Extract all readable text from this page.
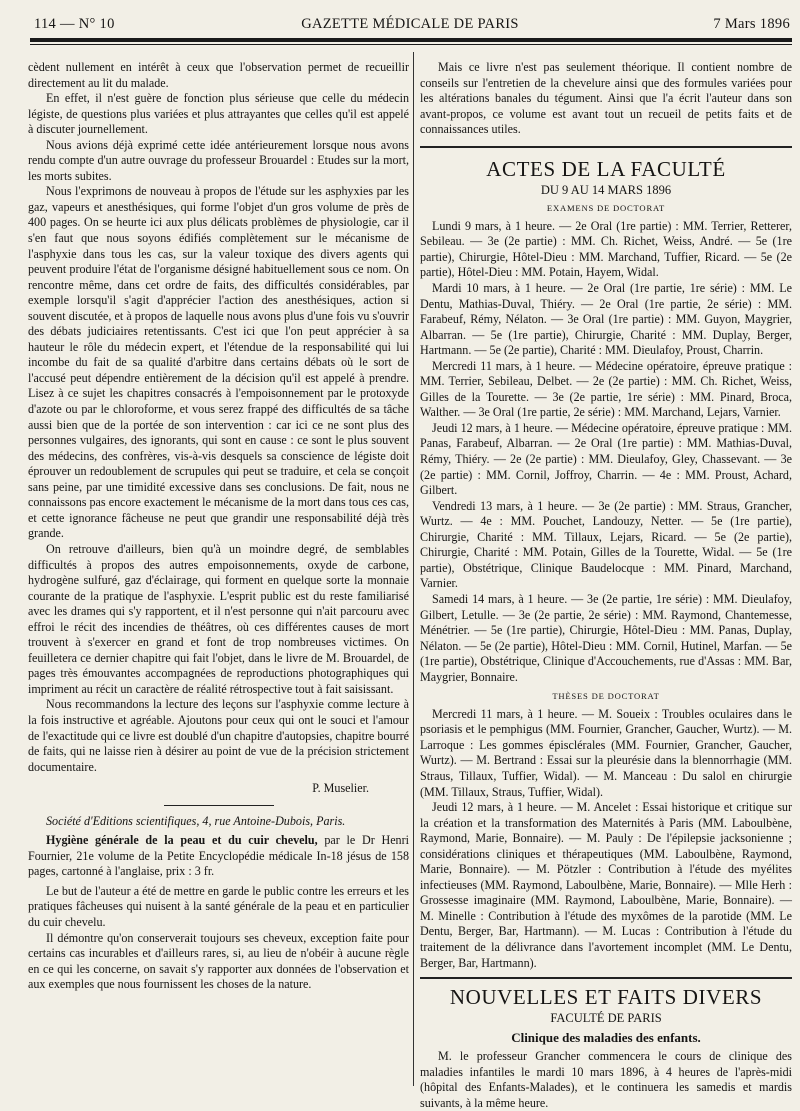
114 — N° 10	GAZETTE MÉDICALE DE PARIS	7 Mars 1896

cèdent nullement en intérêt à ceux que l'observation permet de recueillir directement au lit du malade.

En effet, il n'est guère de fonction plus sérieuse que celle du médecin légiste, de questions plus variées et plus attrayantes que celles qu'il est appelé à discuter journellement.

Nous avions déjà exprimé cette idée antérieurement lorsque nous avons rendu compte d'un autre ouvrage du professeur Brouardel : Etudes sur la mort, les morts subites.

Nous l'exprimons de nouveau à propos de l'étude sur les asphyxies par les gaz, vapeurs et anesthésiques, qui forme l'objet d'un gros volume de près de 400 pages. On se heurte ici aux plus délicats problèmes de physiologie, car il s'en faut que nous soyons édifiés complètement sur le mécanisme de l'asphyxie dans tous les cas, sur la valeur toxique des divers agents qui peuvent produire l'état de l'organisme désigné habituellement sous ce nom. On rencontre même, dans cet ordre de faits, des difficultés considérables, par exemple lorsqu'il s'agit d'apprécier l'action des anesthésiques, action si souvent discutée, et à propos de laquelle nous avons plus d'une fois vu s'ouvrir des débats judiciaires retentissants. C'est ici que l'on peut apprécier à sa hauteur le rôle du médecin expert, et l'étendue de la responsabilité qui lui incombe du fait de sa qualité d'arbitre dans certains débats où le sort de l'accusé peut dépendre entièrement de la décision qu'il est appelé à prendre. Lisez à ce sujet les chapitres consacrés à l'empoisonnement par le protoxyde d'azote ou par le chloroforme, et vous serez frappé des difficultés de sa tâche aussi bien que de la portée de son intervention : car ici ce ne sont plus des personnes vulgaires, des ignorants, qui sont en cause : ce sont le plus souvent des médecins, des confrères, vis-à-vis desquels sa conscience de légiste doit éprouver un redoublement de scrupules qui peut se traduire, et cela se conçoit sans peine, par une timidité excessive dans ses conclusions. De fait, nous ne connaissons pas encore exactement le mécanisme de la mort dans tous ces cas, et cette ignorance fâcheuse ne peut que grandir une responsabilité déjà très grande.

On retrouve d'ailleurs, bien qu'à un moindre degré, de semblables difficultés à propos des autres empoisonnements, oxyde de carbone, hydrogène sulfuré, gaz d'éclairage, qui forment en quelque sorte la monnaie courante de la pratique de l'asphyxie. L'esprit public est du reste familiarisé avec les drames qui s'y rapportent, et il n'est personne qui n'ait parcouru avec effroi le récit des incendies de théâtres, où ces différentes causes de mort trouvent à s'exercer en grand et font de trop nombreuses victimes. On feuilletera ce dernier chapitre qui fait l'objet, dans le livre de M. Brouardel, de pages très émouvantes accompagnées de reproductions photographiques qui impriment au récit un caractère de réalité rétrospective tout à fait saisissant.

Nous recommandons la lecture des leçons sur l'asphyxie comme lecture à la fois instructive et agréable. Ajoutons pour ceux qui ont le souci et l'amour de l'exactitude qui ce livre est doublé d'un chapitre d'autopsies, chapitre bourré de faits, qui ne laisse rien à désirer au point de vue de la précision strictement documentaire.

P. Muselier.

Société d'Editions scientifiques, 4, rue Antoine-Dubois, Paris.

Hygiène générale de la peau et du cuir chevelu, par le Dr Henri Fournier, 21e volume de la Petite Encyclopédie médicale In-18 jésus de 158 pages, cartonné à l'anglaise, prix : 3 fr.

Le but de l'auteur a été de mettre en garde le public contre les erreurs et les pratiques fâcheuses qui nuisent à la santé générale de la peau et en particulier du cuir chevelu.

Il démontre qu'on conserverait toujours ses cheveux, exception faite pour certains cas incurables et d'ailleurs rares, si, au lieu de n'obéir à aucune règle en ce qui les concerne, on savait s'y rapporter aux données de l'observation et aux exemples que nous fournissent les choses de la nature.

Mais ce livre n'est pas seulement théorique. Il contient nombre de conseils sur l'entretien de la chevelure ainsi que des formules variées pour les altérations banales du tégument. Ainsi que l'a écrit l'auteur dans son avant-propos, ce volume est avant tout un recueil de petits faits et de connaissances utiles.

ACTES DE LA FACULTÉ
DU 9 AU 14 MARS 1896
EXAMENS DE DOCTORAT

Lundi 9 mars, à 1 heure. — 2e Oral (1re partie) : MM. Terrier, Retterer, Sebileau. — 3e (2e partie) : MM. Ch. Richet, Weiss, André. — 5e (1re partie), Chirurgie, Hôtel-Dieu : MM. Marchand, Tuffier, Ricard. — 5e (2e partie), Hôtel-Dieu : MM. Potain, Hayem, Widal.

Mardi 10 mars, à 1 heure. — 2e Oral (1re partie, 1re série) : MM. Le Dentu, Mathias-Duval, Thiéry. — 2e Oral (1re partie, 2e série) : MM. Farabeuf, Rémy, Nélaton. — 3e Oral (1re partie) : MM. Guyon, Maygrier, Albarran. — 5e (1re partie), Chirurgie, Charité : MM. Duplay, Berger, Hartmann. — 5e (2e partie), Charité : MM. Dieulafoy, Proust, Charrin.

Mercredi 11 mars, à 1 heure. — Médecine opératoire, épreuve pratique : MM. Terrier, Sebileau, Delbet. — 2e (2e partie) : MM. Ch. Richet, Weiss, Gilles de la Tourette. — 3e (2e partie, 1re série) : MM. Pinard, Broca, Walther. — 3e Oral (1re partie, 2e série) : MM. Marchand, Lejars, Varnier.

Jeudi 12 mars, à 1 heure. — Médecine opératoire, épreuve pratique : MM. Panas, Farabeuf, Albarran. — 2e Oral (1re partie) : MM. Mathias-Duval, Rémy, Thiéry. — 2e (2e partie) : MM. Dieulafoy, Gley, Chassevant. — 3e (2e partie) : MM. Cornil, Joffroy, Charrin. — 4e : MM. Proust, Achard, Gilbert.

Vendredi 13 mars, à 1 heure. — 3e (2e partie) : MM. Straus, Grancher, Wurtz. — 4e : MM. Pouchet, Landouzy, Netter. — 5e (1re partie), Chirurgie, Charité : MM. Tillaux, Lejars, Ricard. — 5e (2e partie), Chirurgie, Charité : MM. Potain, Gilles de la Tourette, Widal. — 5e (1re partie), Obstétrique, Clinique Baudelocque : MM. Pinard, Marchand, Varnier.

Samedi 14 mars, à 1 heure. — 3e (2e partie, 1re série) : MM. Dieulafoy, Gilbert, Letulle. — 3e (2e partie, 2e série) : MM. Raymond, Chantemesse, Ménétrier. — 5e (1re partie), Chirurgie, Hôtel-Dieu : MM. Panas, Duplay, Nélaton. — 5e (2e partie), Hôtel-Dieu : MM. Cornil, Hutinel, Marfan. — 5e (1re partie), Obstétrique, Clinique d'Accouchements, rue d'Assas : MM. Bar, Maygrier, Bonnaire.

THÈSES DE DOCTORAT

Mercredi 11 mars, à 1 heure. — M. Soueix : Troubles oculaires dans le psoriasis et le pemphigus (MM. Fournier, Grancher, Gaucher, Wurtz). — M. Larroque : Les gommes épisclérales (MM. Fournier, Grancher, Gaucher, Wurtz). — M. Bertrand : Essai sur la pleurésie dans la blennorrhagie (MM. Straus, Tillaux, Tuffier, Widal). — M. Manceau : Du salol en chirurgie (MM. Tillaux, Straus, Tuffier, Widal).

Jeudi 12 mars, à 1 heure. — M. Ancelet : Essai historique et critique sur la création et la transformation des Maternités à Paris (MM. Laboulbène, Raymond, Marie, Bonnaire). — M. Pauly : De l'épilepsie jacksonienne ; considérations cliniques et thérapeutiques (MM. Laboulbène, Raymond, Marie, Bonnaire). — M. Pötzler : Contribution à l'étude des myélites infectieuses (MM. Raymond, Laboulbène, Marie, Bonnaire). — Mlle Herh : Grossesse imaginaire (MM. Raymond, Laboulbène, Marie, Bonnaire). — M. Minelle : Contribution à l'étude des myxômes de la parotide (MM. Le Dentu, Berger, Bar, Hartmann). — M. Lucas : Contribution à l'étude du traitement de la délivrance dans l'avortement incomplet (MM. Le Dentu, Berger, Bar, Hartmann).

NOUVELLES ET FAITS DIVERS
FACULTÉ DE PARIS
Clinique des maladies des enfants.

M. le professeur Grancher commencera le cours de clinique des maladies infantiles le mardi 10 mars 1896, à 4 heures de l'après-midi (hôpital des Enfants-Malades), et le continuera les samedis et mardis suivants, à la même heure.
